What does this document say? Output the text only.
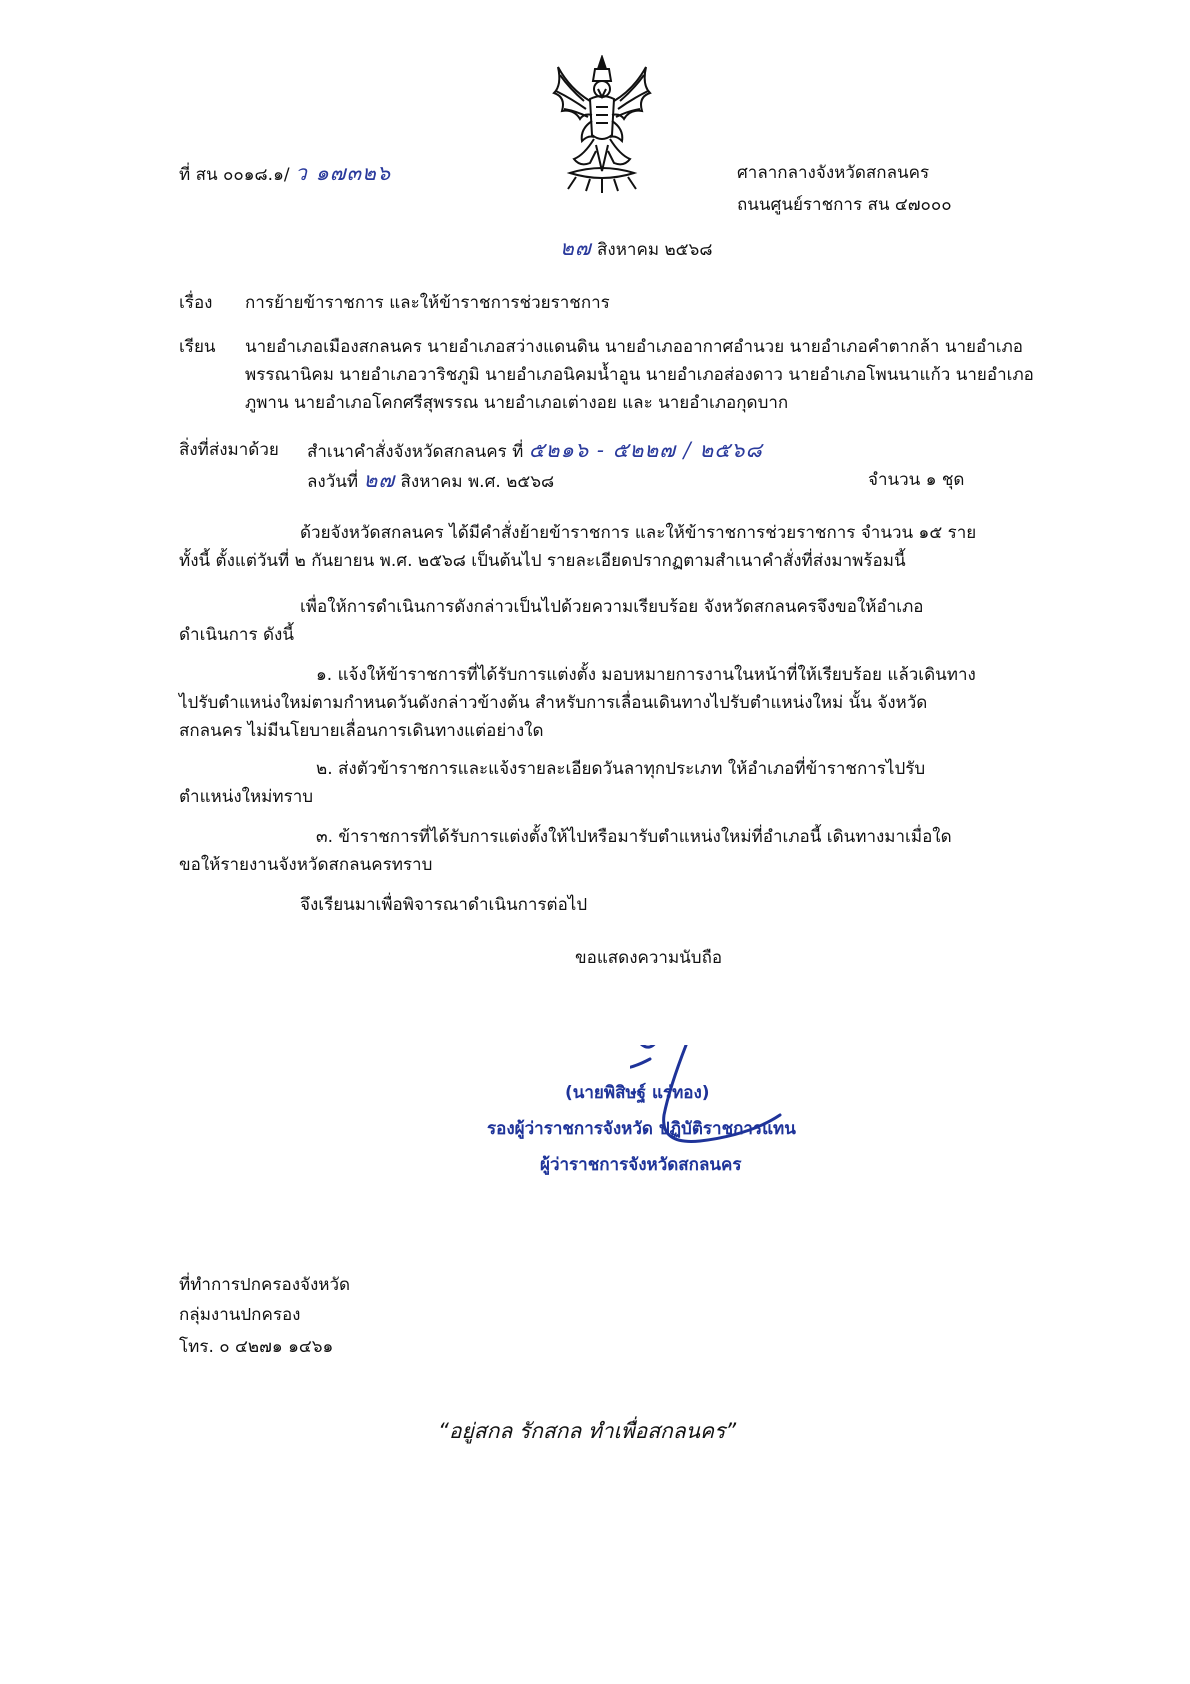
ที่ สน ๐๐๑๘.๑/ ว ๑๗๓๒๖	ศาลากลางจังหวัดสกลนคร
ถนนศูนย์ราชการ สน ๔๗๐๐๐
๒๗ สิงหาคม ๒๕๖๘
เรื่อง การย้ายข้าราชการ และให้ข้าราชการช่วยราชการ
เรียน นายอำเภอเมืองสกลนคร นายอำเภอสว่างแดนดิน นายอำเภออากาศอำนวย นายอำเภอคำตากล้า นายอำเภอ
พรรณานิคม นายอำเภอวาริชภูมิ นายอำเภอนิคมน้ำอูน นายอำเภอส่องดาว นายอำเภอโพนนาแก้ว นายอำเภอ
ภูพาน นายอำเภอโคกศรีสุพรรณ นายอำเภอเต่างอย และ นายอำเภอกุดบาก
สิ่งที่ส่งมาด้วย สำเนาคำสั่งจังหวัดสกลนคร ที่ ๕๒๑๖ - ๕๒๒๗ / ๒๕๖๘
ลงวันที่ ๒๗ สิงหาคม พ.ศ. ๒๕๖๘	จำนวน ๑ ชุด
ด้วยจังหวัดสกลนคร ได้มีคำสั่งย้ายข้าราชการ และให้ข้าราชการช่วยราชการ จำนวน ๑๕ ราย
ทั้งนี้ ตั้งแต่วันที่ ๒ กันยายน พ.ศ. ๒๕๖๘ เป็นต้นไป รายละเอียดปรากฏตามสำเนาคำสั่งที่ส่งมาพร้อมนี้
เพื่อให้การดำเนินการดังกล่าวเป็นไปด้วยความเรียบร้อย จังหวัดสกลนครจึงขอให้อำเภอ
ดำเนินการ ดังนี้
๑. แจ้งให้ข้าราชการที่ได้รับการแต่งตั้ง มอบหมายการงานในหน้าที่ให้เรียบร้อย แล้วเดินทาง
ไปรับตำแหน่งใหม่ตามกำหนดวันดังกล่าวข้างต้น สำหรับการเลื่อนเดินทางไปรับตำแหน่งใหม่ นั้น จังหวัด
สกลนคร ไม่มีนโยบายเลื่อนการเดินทางแต่อย่างใด
๒. ส่งตัวข้าราชการและแจ้งรายละเอียดวันลาทุกประเภท ให้อำเภอที่ข้าราชการไปรับ
ตำแหน่งใหม่ทราบ
๓. ข้าราชการที่ได้รับการแต่งตั้งให้ไปหรือมารับตำแหน่งใหม่ที่อำเภอนี้ เดินทางมาเมื่อใด
ขอให้รายงานจังหวัดสกลนครทราบ
จึงเรียนมาเพื่อพิจารณาดำเนินการต่อไป
ขอแสดงความนับถือ
(นายพิสิษฐ์ แร่ทอง)
รองผู้ว่าราชการจังหวัด ปฏิบัติราชการแทน
ผู้ว่าราชการจังหวัดสกลนคร
ที่ทำการปกครองจังหวัด
กลุ่มงานปกครอง
โทร. ๐ ๔๒๗๑ ๑๔๖๑
“อยู่สกล รักสกล ทำเพื่อสกลนคร”
